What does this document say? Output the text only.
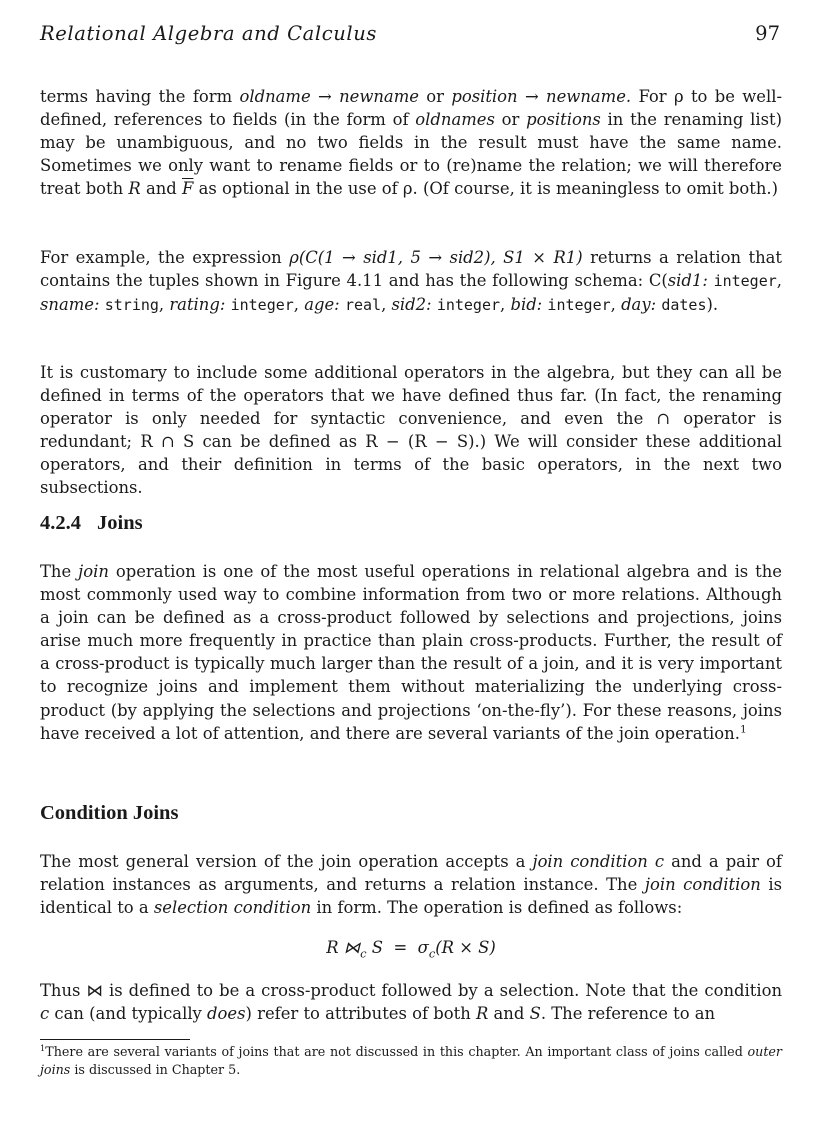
Relational Algebra and Calculus	97

terms having the form oldname → newname or position → newname. For ρ to be well-defined, references to fields (in the form of oldnames or positions in the renaming list) may be unambiguous, and no two fields in the result must have the same name. Sometimes we only want to rename fields or to (re)name the relation; we will therefore treat both R and $\overline{F}$ as optional in the use of ρ. (Of course, it is meaningless to omit both.)

For example, the expression ρ(C(1 → sid1, 5 → sid2), S1 × R1) returns a relation that contains the tuples shown in Figure 4.11 and has the following schema: C(sid1: integer, sname: string, rating: integer, age: real, sid2: integer, bid: integer, day: dates).

It is customary to include some additional operators in the algebra, but they can all be defined in terms of the operators that we have defined thus far. (In fact, the renaming operator is only needed for syntactic convenience, and even the ∩ operator is redundant; R ∩ S can be defined as R − (R − S).) We will consider these additional operators, and their definition in terms of the basic operators, in the next two subsections.

4.2.4 Joins

The join operation is one of the most useful operations in relational algebra and is the most commonly used way to combine information from two or more relations. Although a join can be defined as a cross-product followed by selections and projections, joins arise much more frequently in practice than plain cross-products. Further, the result of a cross-product is typically much larger than the result of a join, and it is very important to recognize joins and implement them without materializing the underlying cross-product (by applying the selections and projections ‘on-the-fly’). For these reasons, joins have received a lot of attention, and there are several variants of the join operation.$^1$

Condition Joins

The most general version of the join operation accepts a join condition c and a pair of relation instances as arguments, and returns a relation instance. The join condition is identical to a selection condition in form. The operation is defined as follows:

R $⋈_c$ $S = \sigma_c(R \times S)$

Thus ⋈ is defined to be a cross-product followed by a selection. Note that the condition c can (and typically does) refer to attributes of both R and S. The reference to an

$^1$There are several variants of joins that are not discussed in this chapter. An important class of joins called outer joins is discussed in Chapter 5.
